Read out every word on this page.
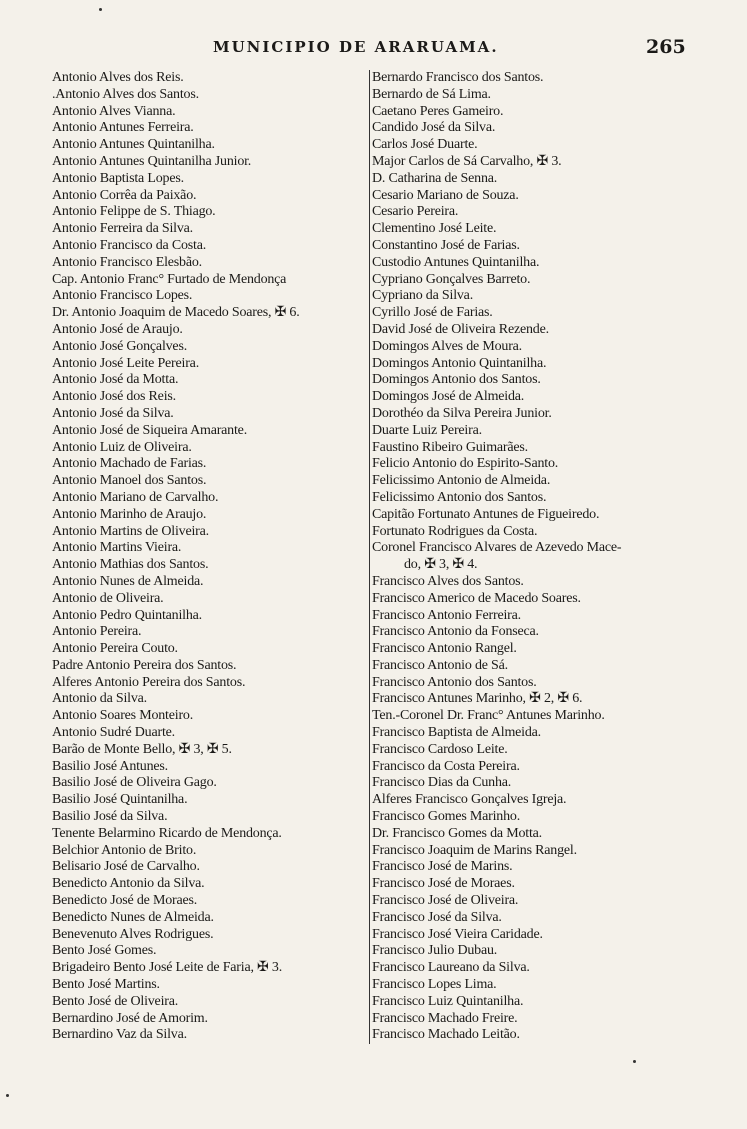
MUNICIPIO DE ARARUAMA.	265
Antonio Alves dos Reis.
.Antonio Alves dos Santos.
Antonio Alves Vianna.
Antonio Antunes Ferreira.
Antonio Antunes Quintanilha.
Antonio Antunes Quintanilha Junior.
Antonio Baptista Lopes.
Antonio Corrêa da Paixão.
Antonio Felippe de S. Thiago.
Antonio Ferreira da Silva.
Antonio Francisco da Costa.
Antonio Francisco Elesbão.
Cap. Antonio Franc° Furtado de Mendonça
Antonio Francisco Lopes.
Dr. Antonio Joaquim de Macedo Soares, ✠ 6.
Antonio José de Araujo.
Antonio José Gonçalves.
Antonio José Leite Pereira.
Antonio José da Motta.
Antonio José dos Reis.
Antonio José da Silva.
Antonio José de Siqueira Amarante.
Antonio Luiz de Oliveira.
Antonio Machado de Farias.
Antonio Manoel dos Santos.
Antonio Mariano de Carvalho.
Antonio Marinho de Araujo.
Antonio Martins de Oliveira.
Antonio Martins Vieira.
Antonio Mathias dos Santos.
Antonio Nunes de Almeida.
Antonio de Oliveira.
Antonio Pedro Quintanilha.
Antonio Pereira.
Antonio Pereira Couto.
Padre Antonio Pereira dos Santos.
Alferes Antonio Pereira dos Santos.
Antonio da Silva.
Antonio Soares Monteiro.
Antonio Sudré Duarte.
Barão de Monte Bello, ✠ 3, ✠ 5.
Basilio José Antunes.
Basilio José de Oliveira Gago.
Basilio José Quintanilha.
Basilio José da Silva.
Tenente Belarmino Ricardo de Mendonça.
Belchior Antonio de Brito.
Belisario José de Carvalho.
Benedicto Antonio da Silva.
Benedicto José de Moraes.
Benedicto Nunes de Almeida.
Benevenuto Alves Rodrigues.
Bento José Gomes.
Brigadeiro Bento José Leite de Faria, ✠ 3.
Bento José Martins.
Bento José de Oliveira.
Bernardino José de Amorim.
Bernardino Vaz da Silva.
Bernardo Francisco dos Santos.
Bernardo de Sá Lima.
Caetano Peres Gameiro.
Candido José da Silva.
Carlos José Duarte.
Major Carlos de Sá Carvalho, ✠ 3.
D. Catharina de Senna.
Cesario Mariano de Souza.
Cesario Pereira.
Clementino José Leite.
Constantino José de Farias.
Custodio Antunes Quintanilha.
Cypriano Gonçalves Barreto.
Cypriano da Silva.
Cyrillo José de Farias.
David José de Oliveira Rezende.
Domingos Alves de Moura.
Domingos Antonio Quintanilha.
Domingos Antonio dos Santos.
Domingos José de Almeida.
Dorothéo da Silva Pereira Junior.
Duarte Luiz Pereira.
Faustino Ribeiro Guimarães.
Felicio Antonio do Espirito-Santo.
Felicissimo Antonio de Almeida.
Felicissimo Antonio dos Santos.
Capitão Fortunato Antunes de Figueiredo.
Fortunato Rodrigues da Costa.
Coronel Francisco Alvares de Azevedo Mace-
do, ✠ 3, ✠ 4.
Francisco Alves dos Santos.
Francisco Americo de Macedo Soares.
Francisco Antonio Ferreira.
Francisco Antonio da Fonseca.
Francisco Antonio Rangel.
Francisco Antonio de Sá.
Francisco Antonio dos Santos.
Francisco Antunes Marinho, ✠ 2, ✠ 6.
Ten.-Coronel Dr. Franc° Antunes Marinho.
Francisco Baptista de Almeida.
Francisco Cardoso Leite.
Francisco da Costa Pereira.
Francisco Dias da Cunha.
Alferes Francisco Gonçalves Igreja.
Francisco Gomes Marinho.
Dr. Francisco Gomes da Motta.
Francisco Joaquim de Marins Rangel.
Francisco José de Marins.
Francisco José de Moraes.
Francisco José de Oliveira.
Francisco José da Silva.
Francisco José Vieira Caridade.
Francisco Julio Dubau.
Francisco Laureano da Silva.
Francisco Lopes Lima.
Francisco Luiz Quintanilha.
Francisco Machado Freire.
Francisco Machado Leitão.
